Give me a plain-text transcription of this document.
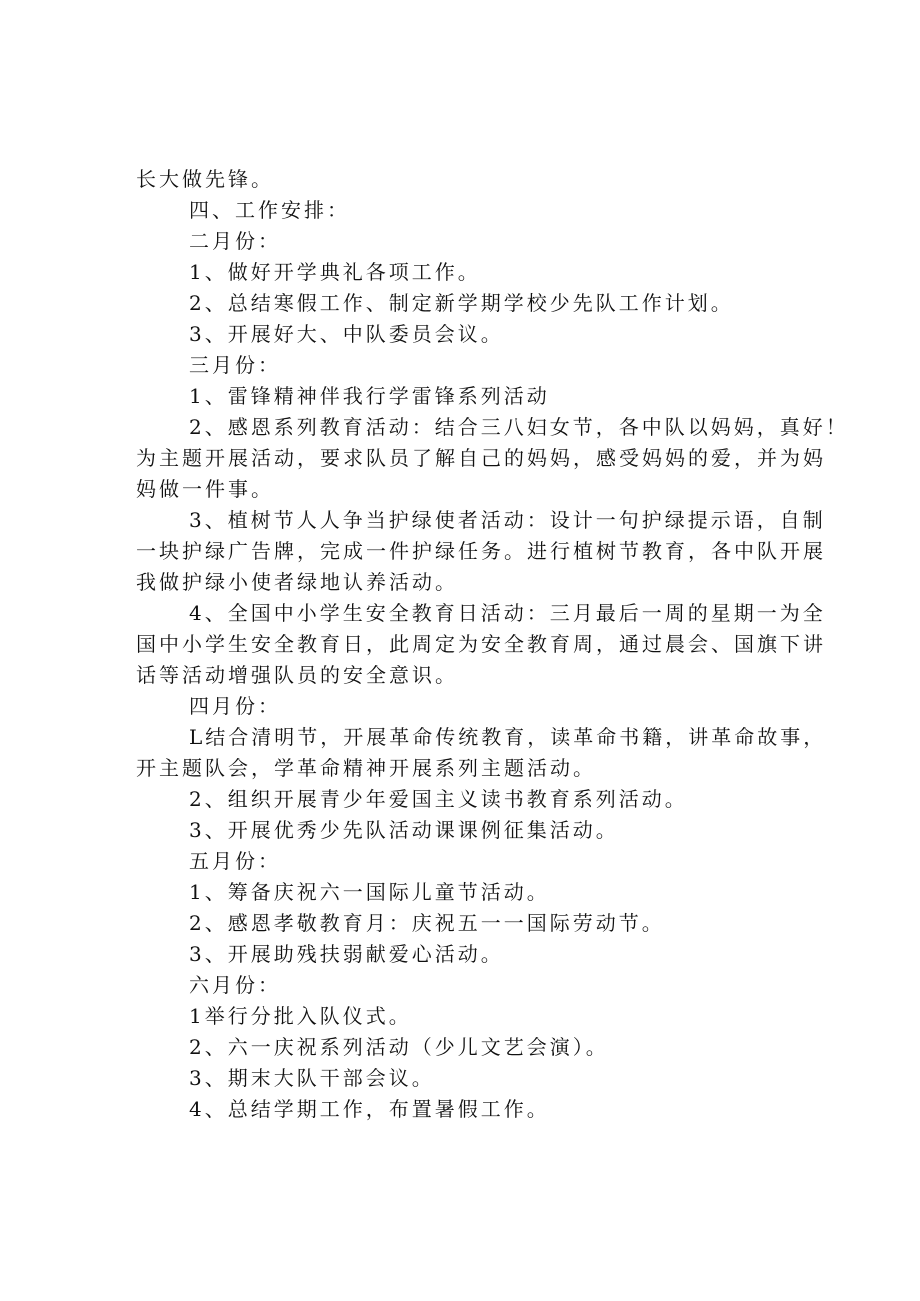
长大做先锋。
四、工作安排：
二月份：
1、做好开学典礼各项工作。
2、总结寒假工作、制定新学期学校少先队工作计划。
3、开展好大、中队委员会议。
三月份：
1、雷锋精神伴我行学雷锋系列活动
2、感恩系列教育活动：结合三八妇女节，各中队以妈妈，真好！
为主题开展活动，要求队员了解自己的妈妈，感受妈妈的爱，并为妈
妈做一件事。
3、植树节人人争当护绿使者活动：设计一句护绿提示语，自制
一块护绿广告牌，完成一件护绿任务。进行植树节教育，各中队开展
我做护绿小使者绿地认养活动。
4、全国中小学生安全教育日活动：三月最后一周的星期一为全
国中小学生安全教育日，此周定为安全教育周，通过晨会、国旗下讲
话等活动增强队员的安全意识。
四月份：
L结合清明节，开展革命传统教育，读革命书籍，讲革命故事，
开主题队会，学革命精神开展系列主题活动。
2、组织开展青少年爱国主义读书教育系列活动。
3、开展优秀少先队活动课课例征集活动。
五月份：
1、筹备庆祝六一国际儿童节活动。
2、感恩孝敬教育月：庆祝五一一国际劳动节。
3、开展助残扶弱献爱心活动。
六月份：
1举行分批入队仪式。
2、六一庆祝系列活动（少儿文艺会演）。
3、期末大队干部会议。
4、总结学期工作，布置暑假工作。
